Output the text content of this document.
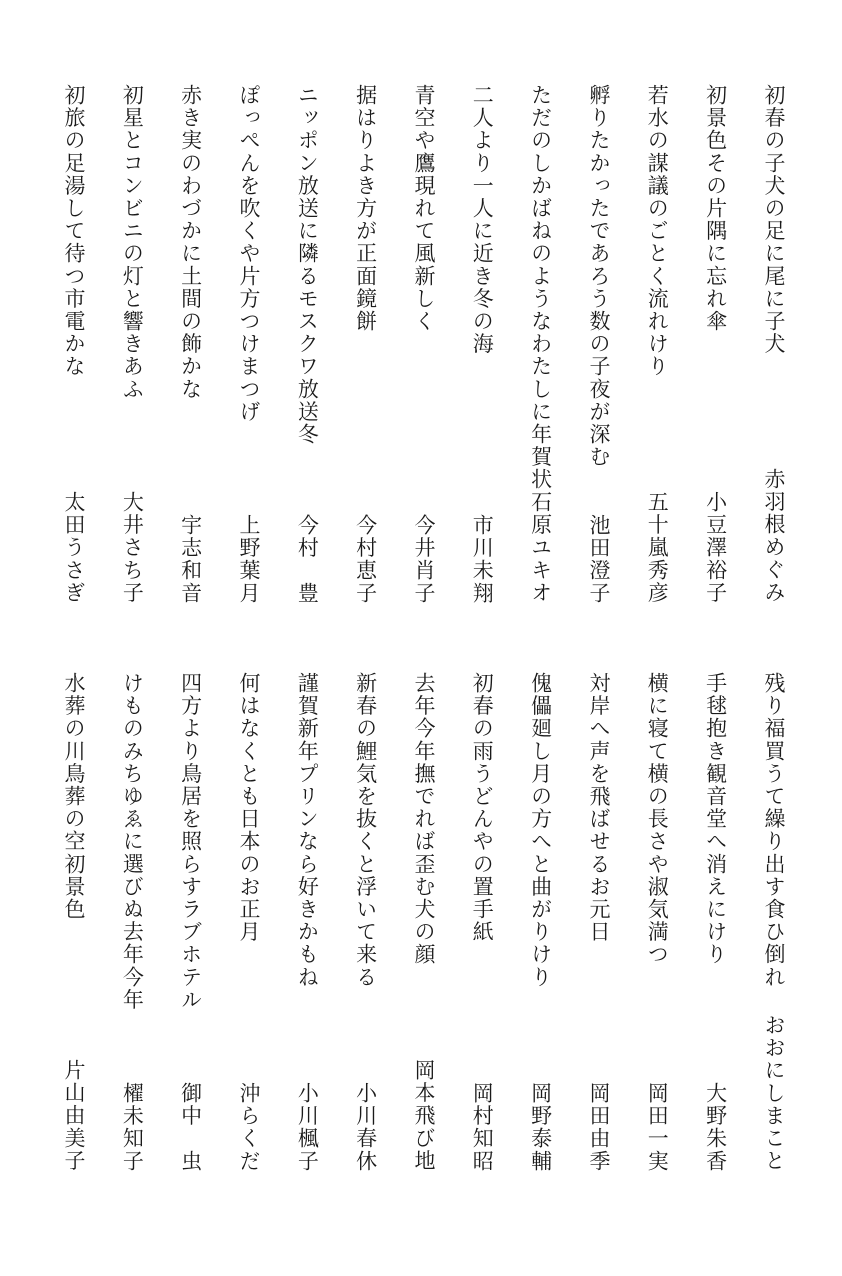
初春の子犬の足に尾に子犬
赤羽根めぐみ
初景色その片隅に忘れ傘
小豆澤裕子
若水の謀議のごとく流れけり
五十嵐秀彦
孵りたかったであろう数の子夜が深む
池田澄子
ただのしかばねのようなわたしに年賀状
石原ユキオ
二人より一人に近き冬の海
市川未翔
青空や鷹現れて風新しく
今井肖子
据はりよき方が正面鏡餅
今村恵子
ニッポン放送に隣るモスクワ放送冬
今村　豊
ぽっぺんを吹くや片方つけまつげ
上野葉月
赤き実のわづかに土間の飾かな
宇志和音
初星とコンビニの灯と響きあふ
大井さち子
初旅の足湯して待つ市電かな
太田うさぎ
残り福買うて繰り出す食ひ倒れ
おおにしまこと
手毬抱き観音堂へ消えにけり
大野朱香
横に寝て横の長さや淑気満つ
岡田一実
対岸へ声を飛ばせるお元日
岡田由季
傀儡廻し月の方へと曲がりけり
岡野泰輔
初春の雨うどんやの置手紙
岡村知昭
去年今年撫でれば歪む犬の顔
岡本飛び地
新春の鯉気を抜くと浮いて来る
小川春休
謹賀新年プリンなら好きかもね
小川楓子
何はなくとも日本のお正月
沖らくだ
四方より鳥居を照らすラブホテル
御中　虫
けものみちゆゑに選びぬ去年今年
櫂未知子
水葬の川鳥葬の空初景色
片山由美子
